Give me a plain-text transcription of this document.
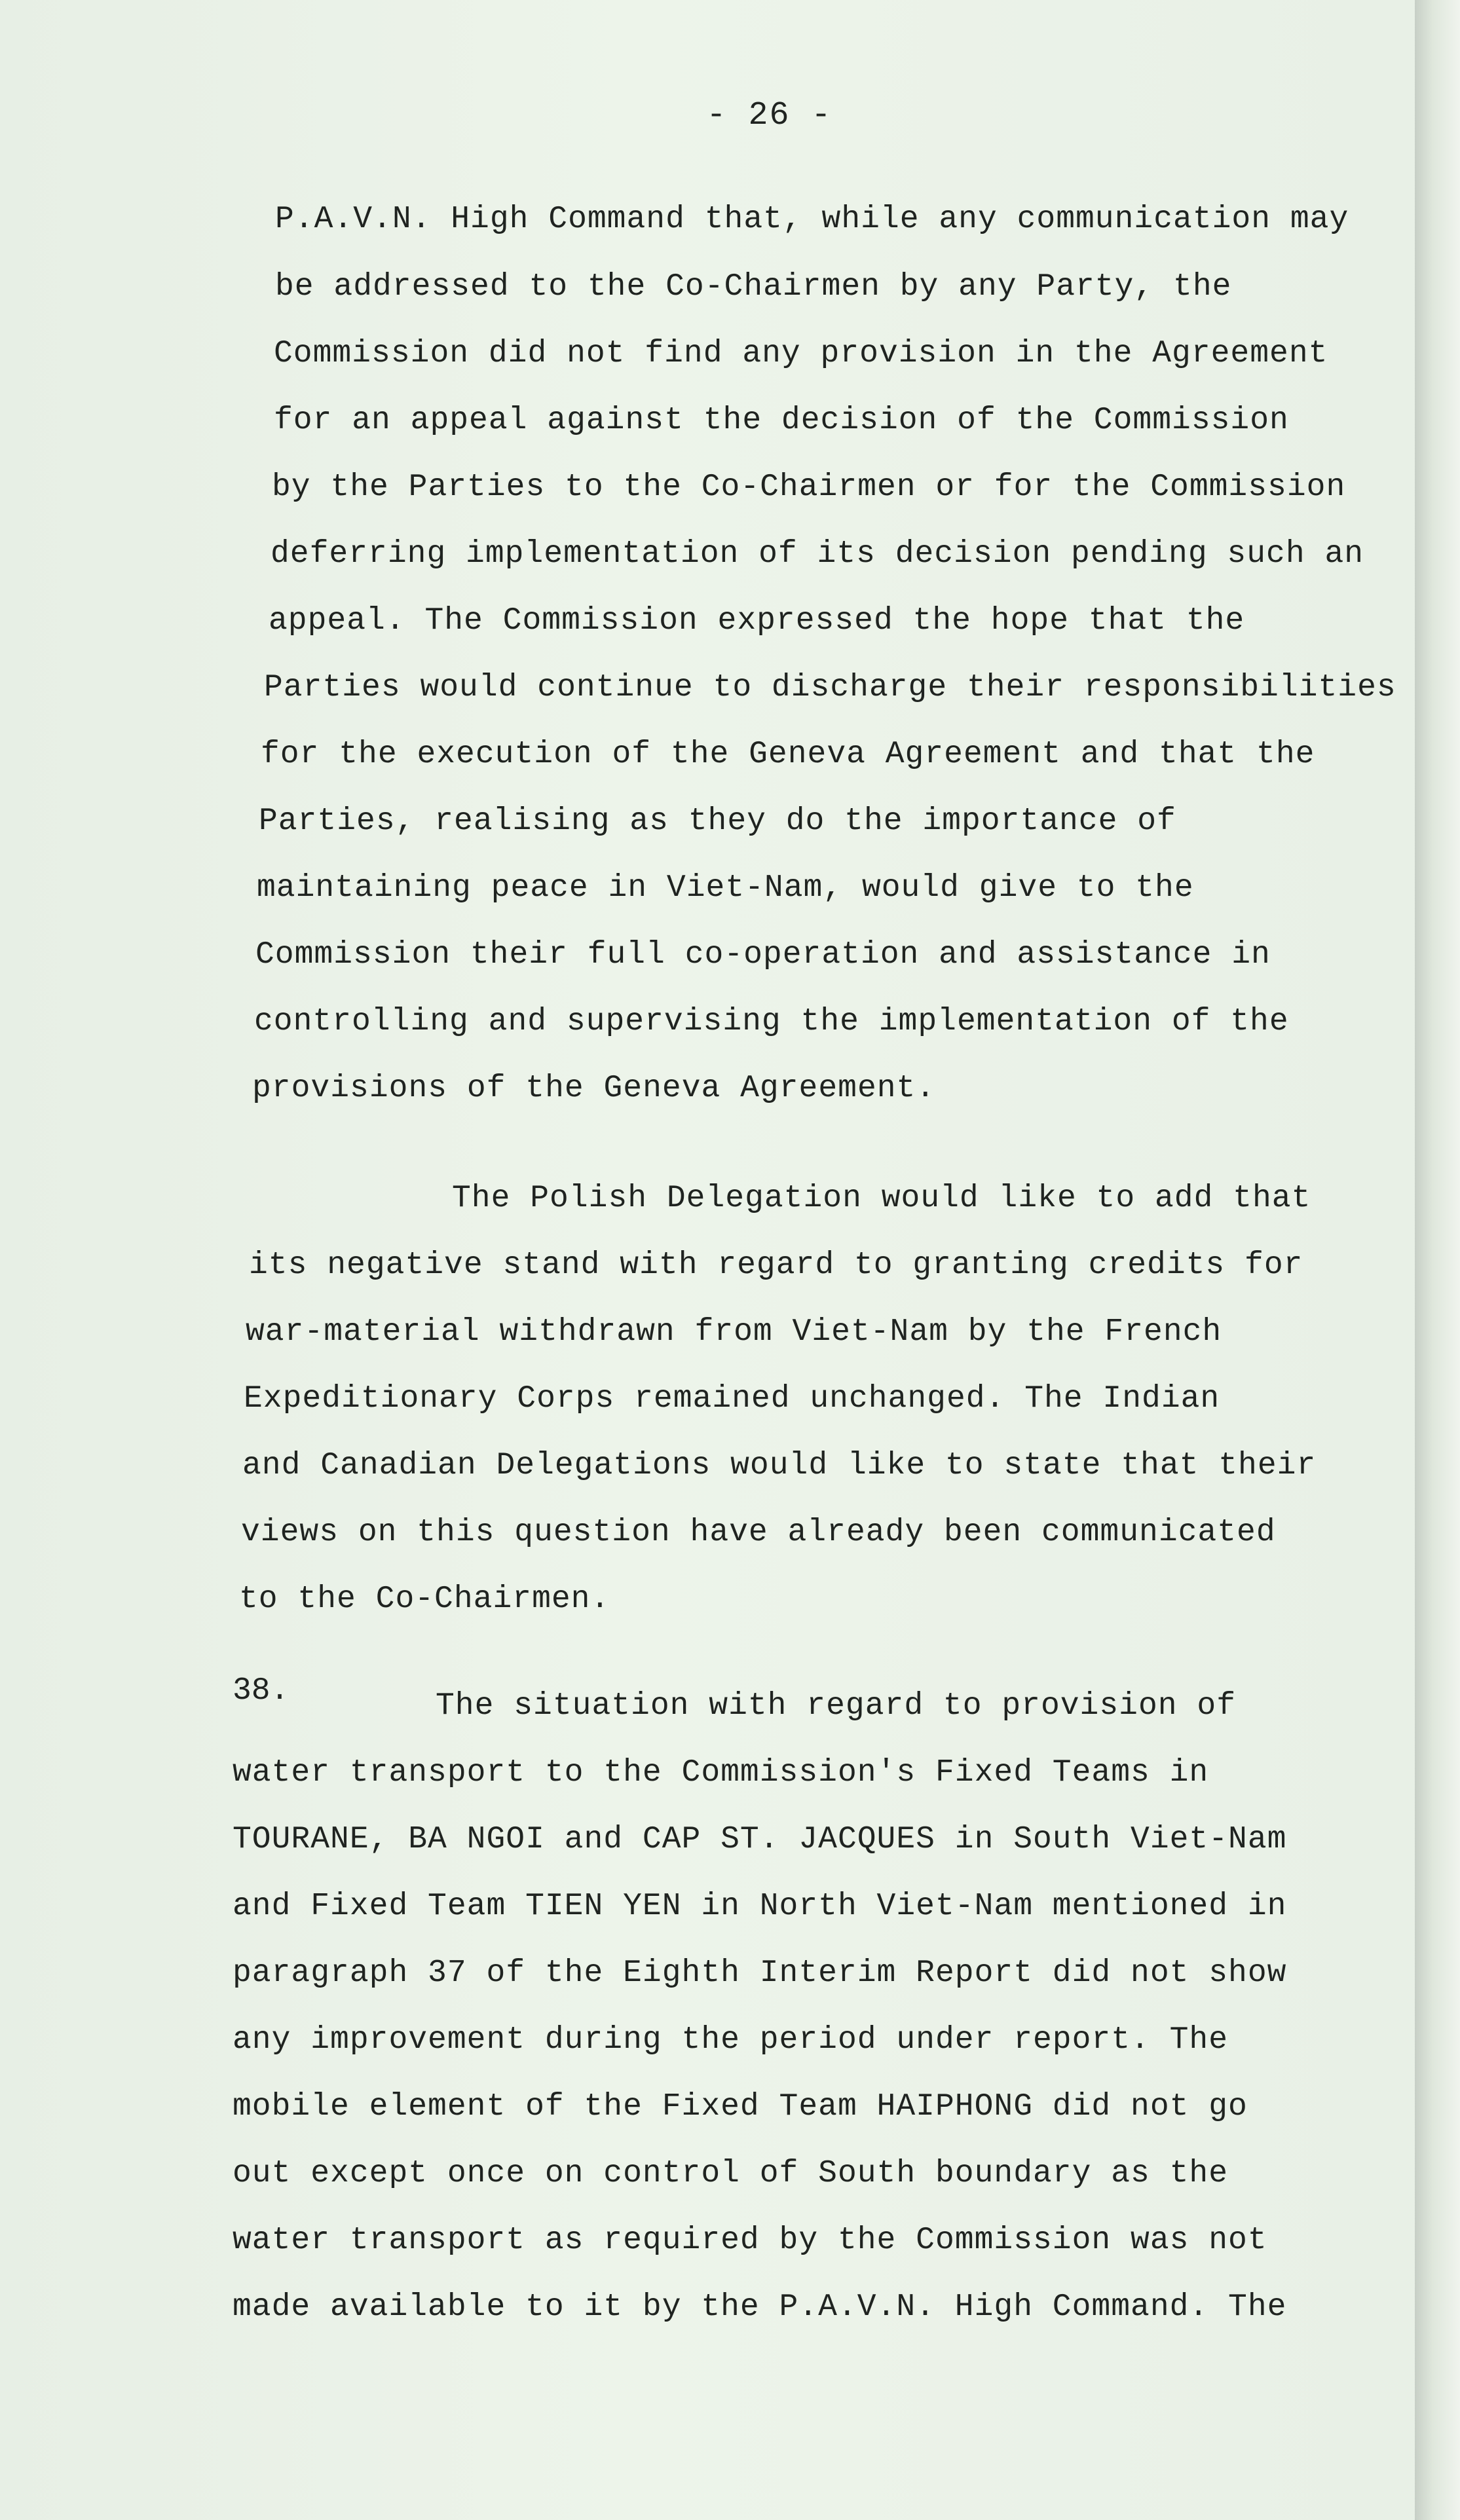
- 26 -
P.A.V.N. High Command that, while any communication may
be addressed to the Co-Chairmen by any Party, the
Commission did not find any provision in the Agreement
for an appeal against the decision of the Commission
by the Parties to the Co-Chairmen or for the Commission
deferring implementation of its decision pending such an
appeal. The Commission expressed the hope that the
Parties would continue to discharge their responsibilities
for the execution of the Geneva Agreement and that the
Parties, realising as they do the importance of
maintaining peace in Viet-Nam, would give to the
Commission their full co-operation and assistance in
controlling and supervising the implementation of the
provisions of the Geneva Agreement.
The Polish Delegation would like to add that
its negative stand with regard to granting credits for
war-material withdrawn from Viet-Nam by the French
Expeditionary Corps remained unchanged. The Indian
and Canadian Delegations would like to state that their
views on this question have already been communicated
to the Co-Chairmen.
38.	The situation with regard to provision of
water transport to the Commission's Fixed Teams in
TOURANE, BA NGOI and CAP ST. JACQUES in South Viet-Nam
and Fixed Team TIEN YEN in North Viet-Nam mentioned in
paragraph 37 of the Eighth Interim Report did not show
any improvement during the period under report. The
mobile element of the Fixed Team HAIPHONG did not go
out except once on control of South boundary as the
water transport as required by the Commission was not
made available to it by the P.A.V.N. High Command. The
